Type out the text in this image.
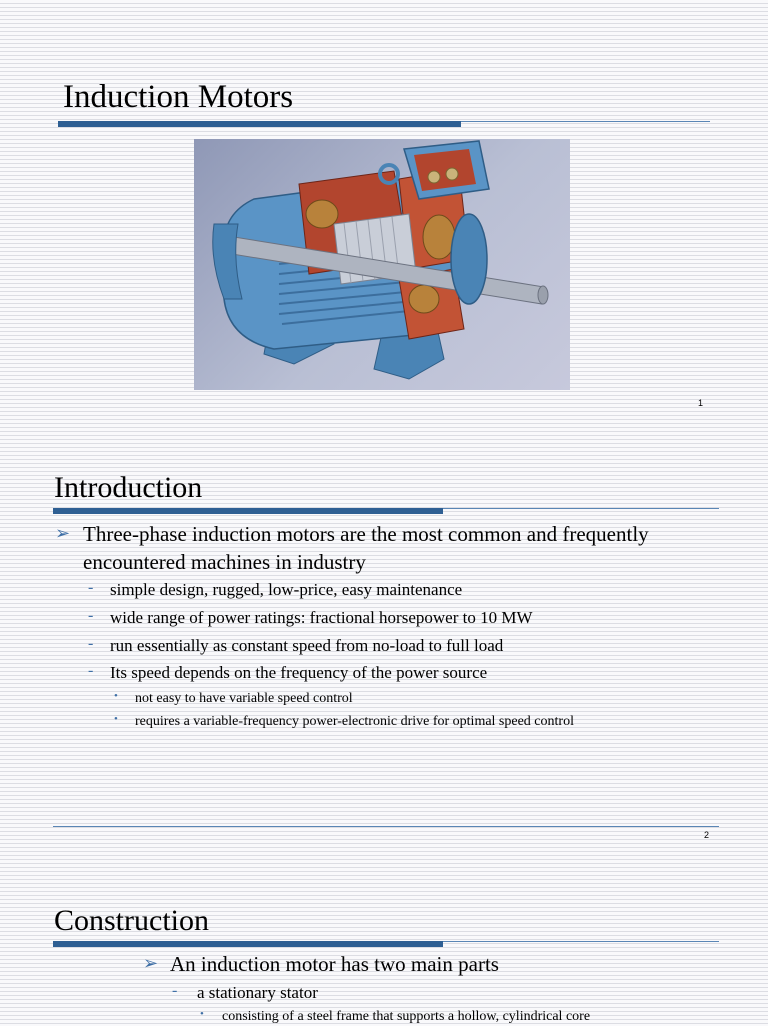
Induction Motors
1
Introduction
➢ Three-phase induction motors are the most common and frequently
encountered machines in industry
- simple design, rugged, low-price, easy maintenance
- wide range of power ratings: fractional horsepower to 10 MW
- run essentially as constant speed from no-load to full load
- Its speed depends on the frequency of the power source
• not easy to have variable speed control
• requires a variable-frequency power-electronic drive for optimal speed control
2
Construction
➢ An induction motor has two main parts
- a stationary stator
• consisting of a steel frame that supports a hollow, cylindrical core
